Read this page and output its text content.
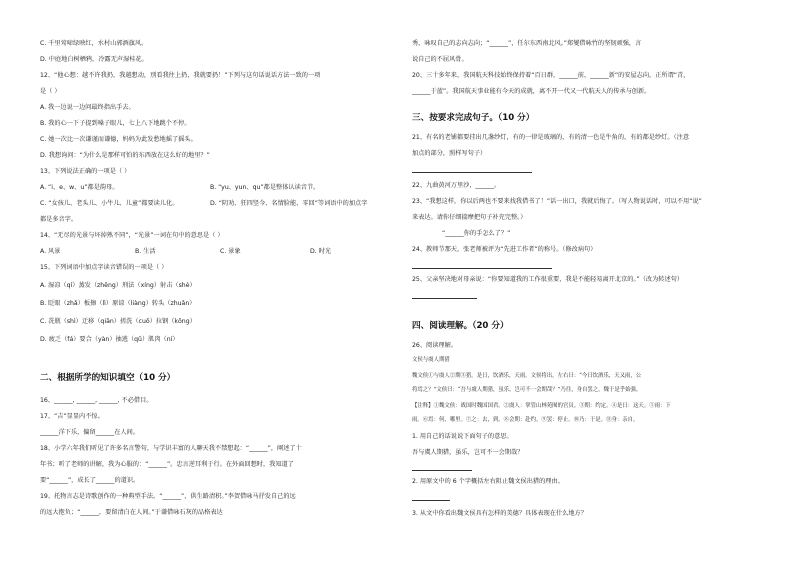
C. 千里莺啼绿映红，水村山郭酒旗风。
D. 中庭地白树栖鸦，冷露无声湿桂花。
12、“他心想：越不许我扔，我越想动，別看我往上扔，我就要扔！”下列与这句话说话方法一致的一项
是（ ）
A. 我一边说一边问最终指出手去。
B. 我的心一下子提到嗓子眼儿，七上八下地跳个不停。
C. 她一次比一次谦谨而谦德，妈妈为此发愁地摇了摇头。
D. 我想询问：“为什么是那样可怕的东西放在这么好的地里？”
13、下列说法正确的一项是（ ）
A. “i、e、w、u”都是韵母。	B. “yu、yun、qu”都是整体认读音节。
C. “女孩儿、老头儿、小牛儿、儿童”都要读儿化。	D. “阴劝、狂四竖今、名情脸能、零回”等词语中的加点字
都是多音字。
14、“无尽的光景与坏掉熟不同”，“光景”一词在句中的意思是（ ）
A. 风景	B. 生活	C. 景象	D. 时光
15、下列词语中加点字读音错误的一项是（ ）
A. 湿凉（qí）蒸发（zhēng）刑法（xíng）射击（shè）
B. 眨眼（zhǎ）板擦（lì）原谅（liàng）转头（zhuǎn）
C. 冼瓶（shì）迁移（qiān）搓洗（cuō）拉钢（kōng）
D. 疲乏（fá）要合（yàn）抽逃（qǔ）肌肉（ní）
二、根据所学的知识填空（10 分）
16、______, ______, ______, 不必借目。
17、“吉”显显内不惊。
______洋下乐，偏留______在人间。
18、小学六年我们听见了许多名言警句，与学识丰富的人聊天我不禁想起：“______”，阐述了十
年书；听了老师的讲解，我为心服的：“______”。忠言逆耳利于行。在外面回想时，我知道了
要“______”，成长了______的道识。
19、托物言志是诗歌创作的一种典型手法。“______”，供生路清积。”李贺借咏马抒发自己的远
的远大抱负；“______，要留清白在人间。”于谦借咏石灰的品格表达
秀，咏叹自己的志向志向；“______”，任尔东西南北风。”郑燮借咏竹的坚韧顽强，言
说自己的不屈风骨。
20、三十多年来，我国航天科技始终保持着“百日群，______前，______新”的安屋志向，正所谓“青，
______于蓝”。我国航天事业能有今天的成就，离不开一代又一代航天人的传承与创新。
三、按要求完成句子。（10 分）
21、有名的老铺都要挂出几盏纱灯，有的一律是玻璃的，有的清一色是牛角的，有的都是纱灯。（注意
加点的部分，照样写句子）
22、九曲黄河万里沙，______。
23、“我想这样，你以后两也不要来找我借书了！”话一出口，我就后悔了。（写人物说话时，可以不用“说”
来表达。请你仔细揣摩把句子补充完整。）
“______你的手怎么了？”
24、教师节那天，张老师被评为“先进工作者”的称号。（修改病句）
25、父亲坚决地对母亲说：“你要知道我的工作很重要，我是不能轻易离开北京的。”（改为转述句）
四、阅读理解。（20 分）
26、阅读理解。
文侯与虞人期猎
魏文侯①与虞人②期③猎。是日，饮酒乐，天雨。文侯将出，左右曰：“今日饮酒乐，天又雨，公
将焉之？”文侯曰：“吾与虞人期猎，虽乐，岂可不一会期哉？”乃往，身自罢之。魏于是乎始强。
【注释】①魏文侯：战国时魏国国君。②虞人：掌管山林苑囿的官员。③期：约定。④是日：这天。⑤雨：下
雨。⑥焉：何，哪里。⑦之：去，到。⑧会期：赴约。⑨罢：停止。⑩乃：于是。⑪身：亲自。
1. 用自己的话说说下面句子的意思。
吾与虞人期猎，虽乐，岂可不一会期哉？
2. 用原文中的 6 个字概括左右阻止魏文侯出猎的理由。
3. 从文中你看出魏文侯具有怎样的美德？具体表现在什么地方？
